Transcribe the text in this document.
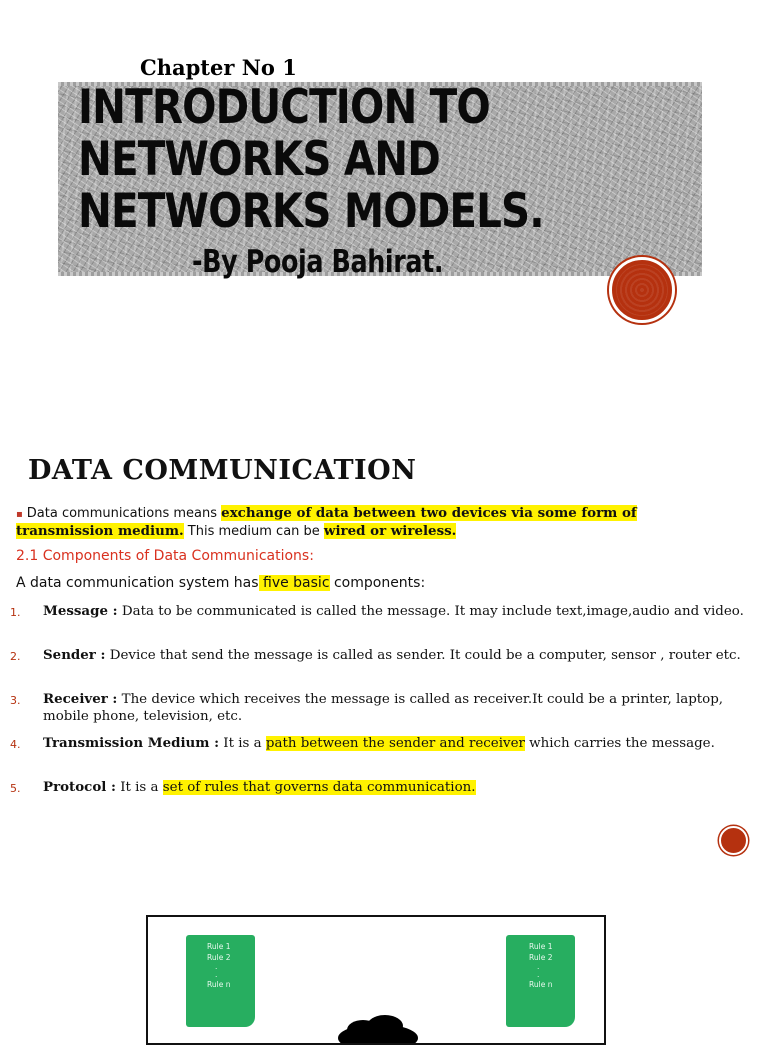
Chapter No 1
INTRODUCTION TO
NETWORKS AND
NETWORKS MODELS.
-By Pooja Bahirat.
DATA COMMUNICATION
▪ Data communications means exchange of data between two devices via some form of transmission medium. This medium can be wired or wireless.
2.1 Components of Data Communications:
A data communication system has five basic components:
1. Message : Data to be communicated is called the message. It may include text,image,audio and video.
2. Sender : Device that send the message is called as sender. It could be a computer, sensor , router etc.
3. Receiver : The device which receives the message is called as receiver.It could be a printer, laptop, mobile phone, television, etc.
4. Transmission Medium : It is a path between the sender and receiver which carries the message.
5. Protocol : It is a set of rules that governs data communication.
Rule 1
Rule 2
.
.
Rule n
Rule 1
Rule 2
.
.
Rule n
